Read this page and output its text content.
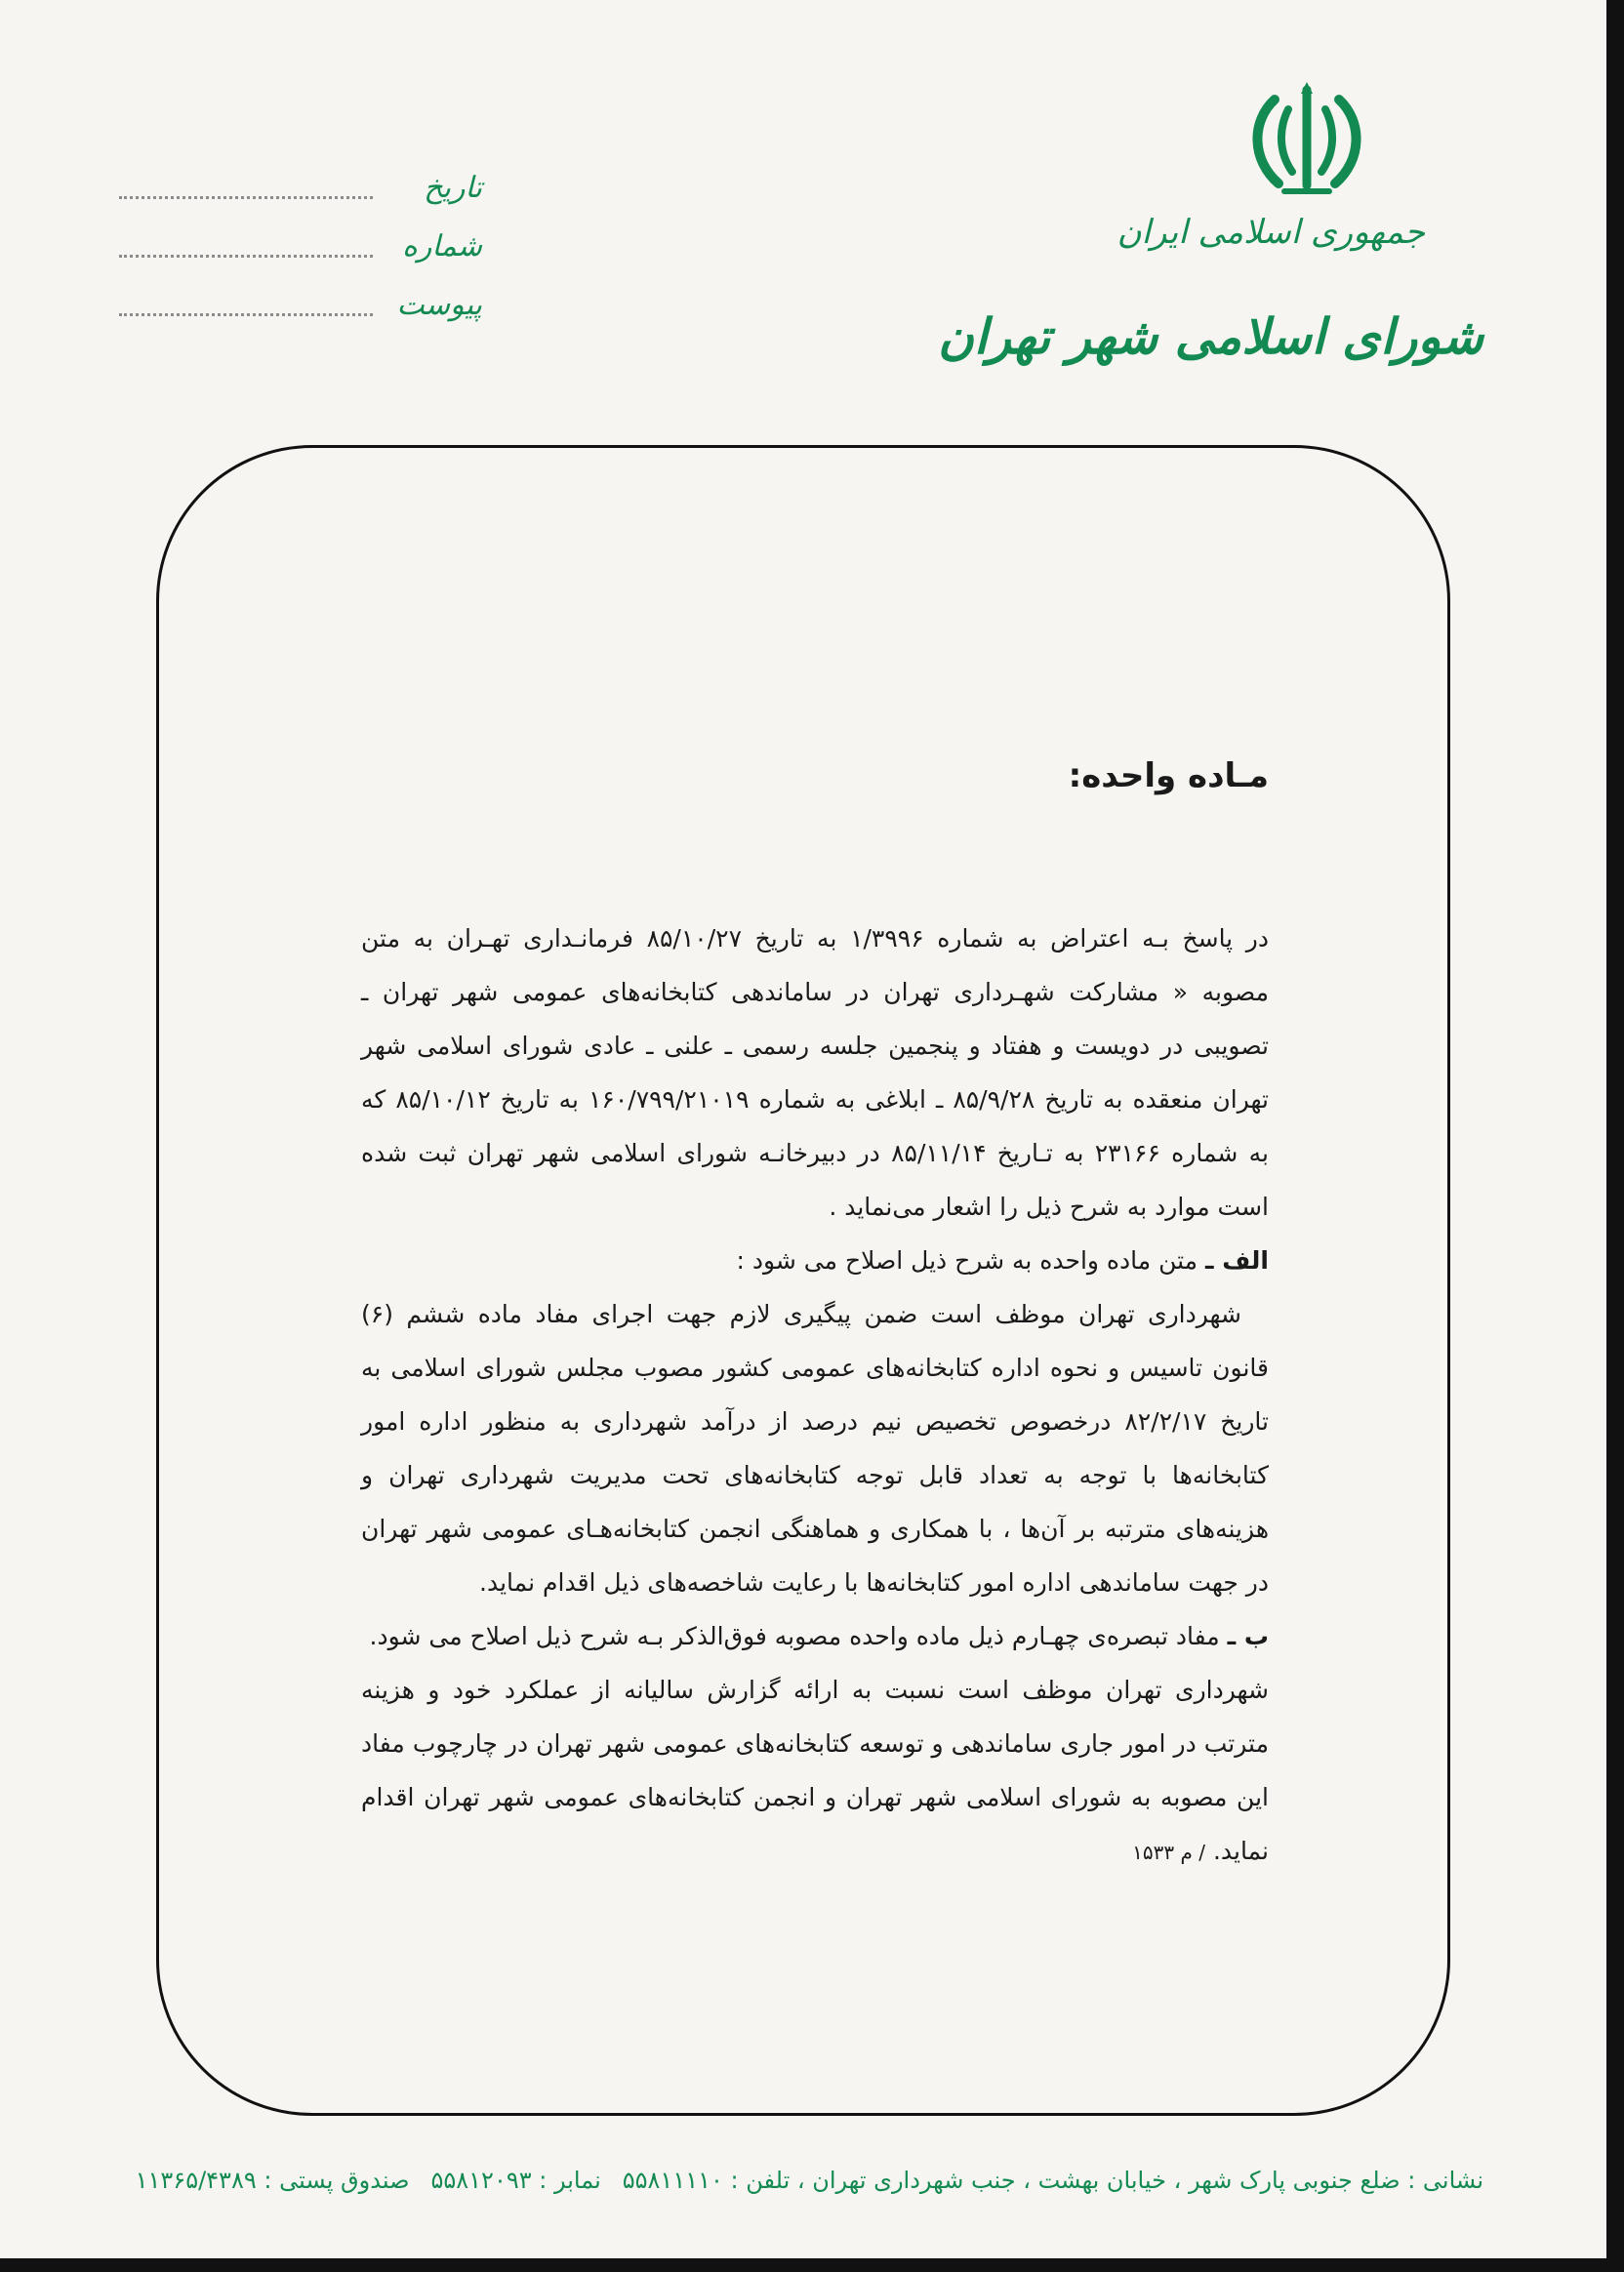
جمهوری اسلامی ایران
شورای اسلامی شهر تهران
تاریخ
شماره
پیوست
مـاده واحده:

در پاسخ بـه اعتراض به شماره ۱/۳۹۹۶ به تاریخ ۸۵/۱۰/۲۷ فرمانـداری تهـران به متن مصوبه « مشارکت شهـرداری تهران در ساماندهی کتابخانه‌های عمومی شهر تهران ـ تصویبی در دویست و هفتاد و پنجمین جلسه رسمی ـ علنی ـ عادی شورای اسلامی شهر تهران منعقده به تاریخ ۸۵/۹/۲۸ ـ ابلاغی به شماره ۱۶۰/۷۹۹/۲۱۰۱۹ به تاریخ ۸۵/۱۰/۱۲ که به شماره ۲۳۱۶۶ به تـاریخ ۸۵/۱۱/۱۴ در دبیرخانـه شورای اسلامی شهر تهران ثبت شده است موارد به شرح ذیل را اشعار می‌نماید .

الف ـ متن ماده واحده به شرح ذیل اصلاح می شود :

شهرداری تهران موظف است ضمن پیگیری لازم جهت اجرای مفاد ماده ششم (۶) قانون تاسیس و نحوه اداره کتابخانه‌های عمومی کشور مصوب مجلس شورای اسلامی به تاریخ ۸۲/۲/۱۷ درخصوص تخصیص نیم درصد از درآمد شهرداری به منظور اداره امور کتابخانه‌ها با توجه به تعداد قابل توجه کتابخانه‌های تحت مدیریت شهرداری تهران و هزینه‌های مترتبه بر آن‌ها ، با همکاری و هماهنگی انجمن کتابخانه‌هـای عمومی شهر تهران در جهت ساماندهی اداره امور کتابخانه‌ها با رعایت شاخصه‌های ذیل اقدام نماید.

ب ـ مفاد تبصره‌ی چهـارم ذیل ماده واحده مصوبه فوق‌الذکر بـه شرح ذیل اصلاح می شود.

شهرداری تهران موظف است نسبت به ارائه گزارش سالیانه از عملکرد خود و هزینه مترتب در امور جاری ساماندهی و توسعه کتابخانه‌های عمومی شهر تهران در چارچوب مفاد این مصوبه به شورای اسلامی شهر تهران و انجمن کتابخانه‌های عمومی شهر تهران اقدام نماید./ م ۱۵۳۳

نشانی : ضلع جنوبی پارک شهر ، خیابان بهشت ، جنب شهرداری تهران ، تلفن : ۵۵۸۱۱۱۱۰نمابر : ۵۵۸۱۲۰۹۳صندوق پستی : ۱۱۳۶۵/۴۳۸۹
